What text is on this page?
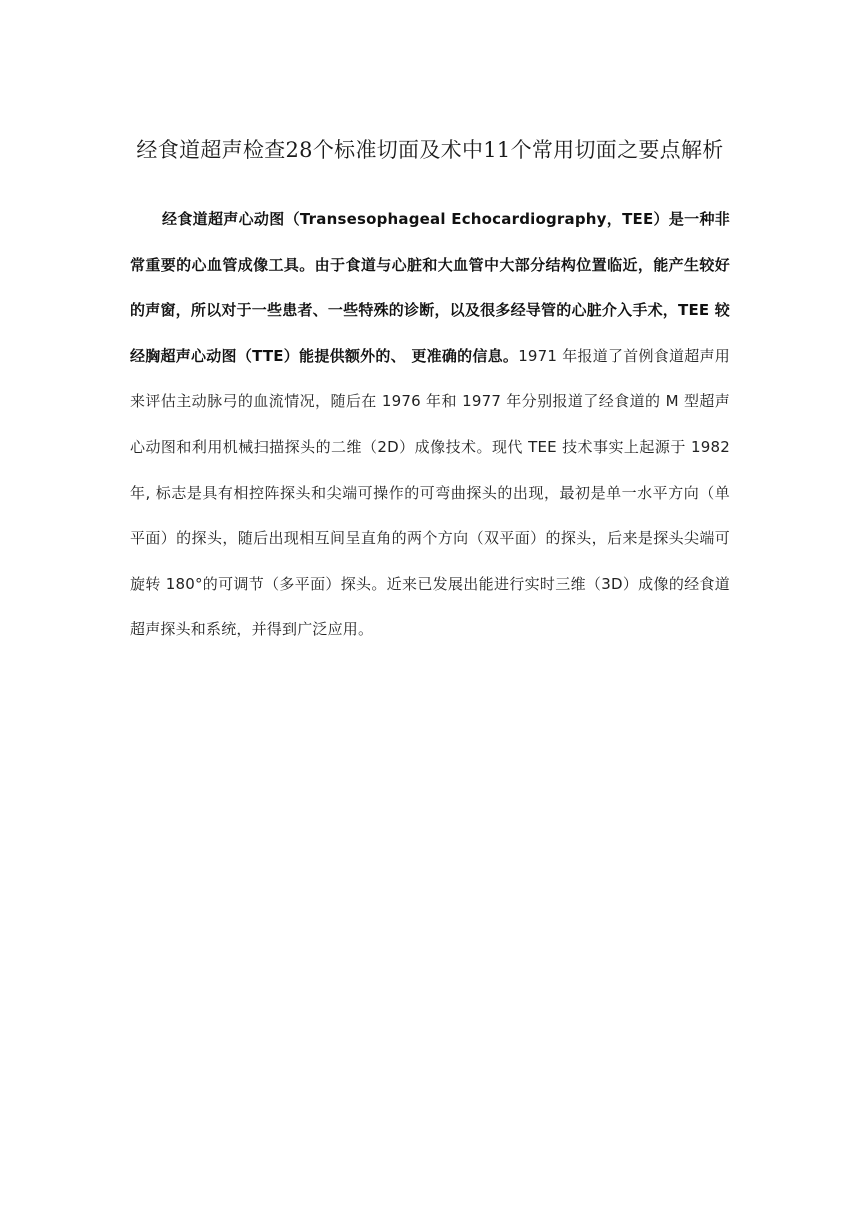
经食道超声检查28个标准切面及术中11个常用切面之要点解析

经食道超声心动图（Transesophageal Echocardiography，TEE）是一种非常重要的心血管成像工具。由于食道与心脏和大血管中大部分结构位置临近，能产生较好的声窗，所以对于一些患者、一些特殊的诊断，以及很多经导管的心脏介入手术，TEE 较经胸超声心动图（TTE）能提供额外的、 更准确的信息。1971 年报道了首例食道超声用来评估主动脉弓的血流情况，随后在 1976 年和 1977 年分别报道了经食道的 M 型超声心动图和利用机械扫描探头的二维（2D）成像技术。现代 TEE 技术事实上起源于 1982 年, 标志是具有相控阵探头和尖端可操作的可弯曲探头的出现，最初是单一水平方向（单平面）的探头，随后出现相互间呈直角的两个方向（双平面）的探头，后来是探头尖端可旋转 180°的可调节（多平面）探头。近来已发展出能进行实时三维（3D）成像的经食道超声探头和系统，并得到广泛应用。
